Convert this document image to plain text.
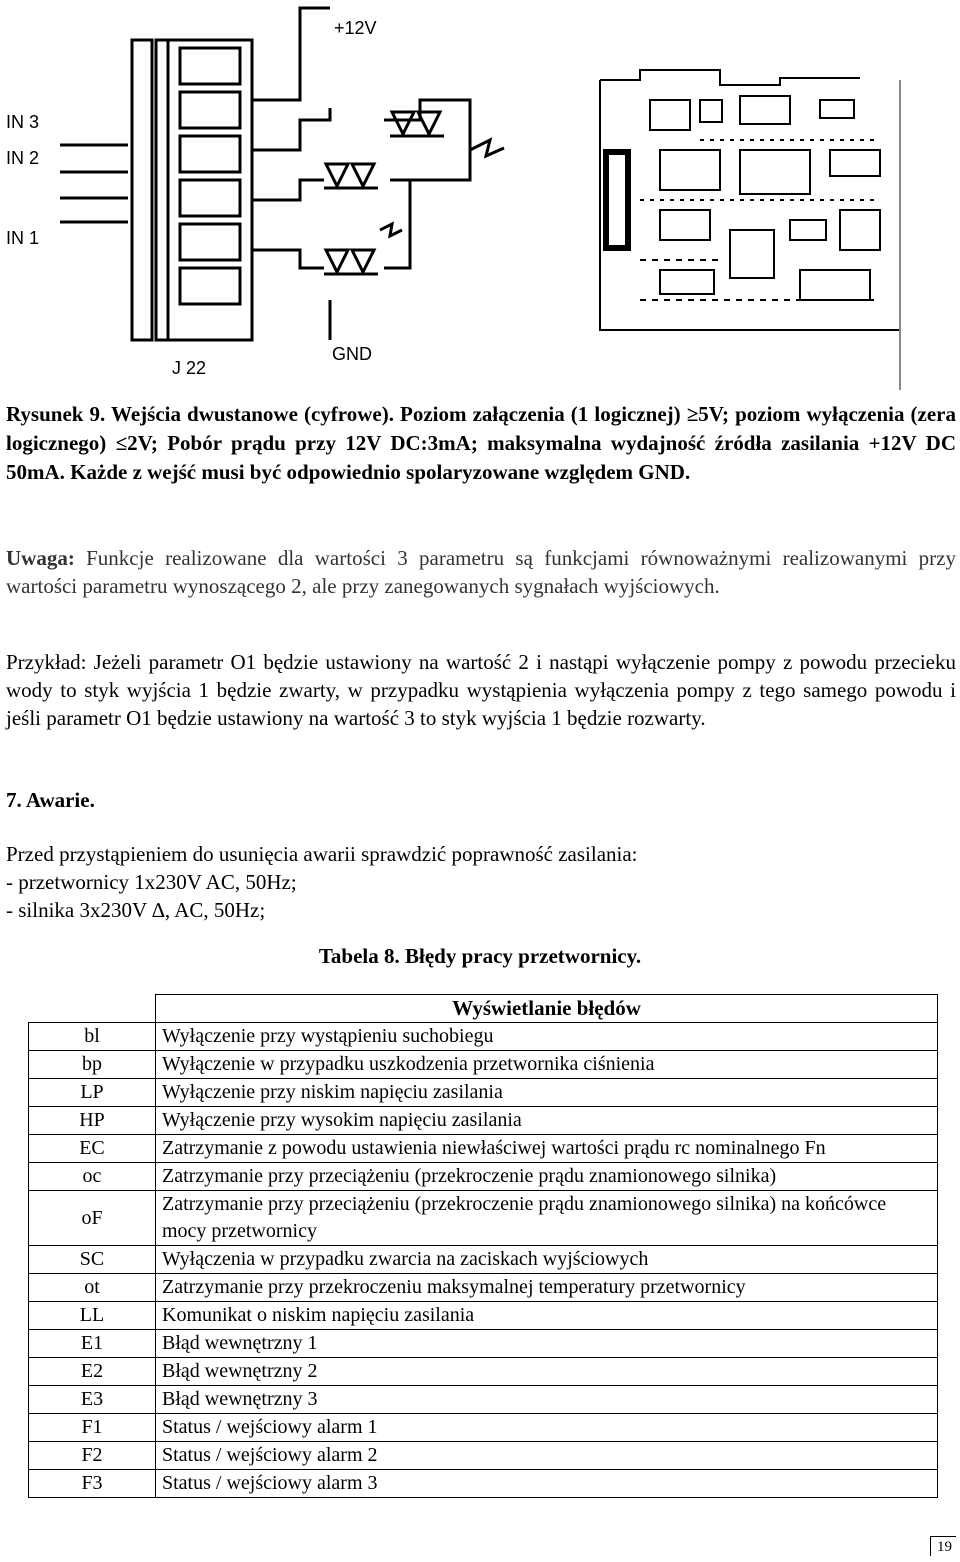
+12V
IN 3
IN 2
IN 1
J 22
GND
Rysunek 9. Wejścia dwustanowe (cyfrowe). Poziom załączenia (1 logicznej) ≥5V; poziom wyłączenia (zera logicznego) ≤2V; Pobór prądu przy 12V DC:3mA; maksymalna wydajność źródła zasilania +12V DC 50mA. Każde z wejść musi być odpowiednio spolaryzowane względem GND.
Uwaga: Funkcje realizowane dla wartości 3 parametru są funkcjami równoważnymi realizowanymi przy wartości parametru wynoszącego 2, ale przy zanegowanych sygnałach wyjściowych.
Przykład: Jeżeli parametr O1 będzie ustawiony na wartość 2 i nastąpi wyłączenie pompy z powodu przecieku wody to styk wyjścia 1 będzie zwarty, w przypadku wystąpienia wyłączenia pompy z tego samego powodu i jeśli parametr O1 będzie ustawiony na wartość 3 to styk wyjścia 1 będzie rozwarty.
7. Awarie.
Przed przystąpieniem do usunięcia awarii sprawdzić poprawność zasilania:
- przetwornicy 1x230V AC, 50Hz;
- silnika 3x230V ∆, AC, 50Hz;
Tabela 8. Błędy pracy przetwornicy.
	Wyświetlanie błędów
bl	Wyłączenie przy wystąpieniu suchobiegu
bp	Wyłączenie w przypadku uszkodzenia przetwornika ciśnienia
LP	Wyłączenie przy niskim napięciu zasilania
HP	Wyłączenie przy wysokim napięciu zasilania
EC	Zatrzymanie z powodu ustawienia niewłaściwej wartości prądu rc nominalnego Fn
oc	Zatrzymanie przy przeciążeniu (przekroczenie prądu znamionowego silnika)
oF	Zatrzymanie przy przeciążeniu (przekroczenie prądu znamionowego silnika) na końcówce mocy przetwornicy
SC	Wyłączenia w przypadku zwarcia na zaciskach wyjściowych
ot	Zatrzymanie przy przekroczeniu maksymalnej temperatury przetwornicy
LL	Komunikat o niskim napięciu zasilania
E1	Błąd wewnętrzny 1
E2	Błąd wewnętrzny 2
E3	Błąd wewnętrzny 3
F1	Status / wejściowy alarm 1
F2	Status / wejściowy alarm 2
F3	Status / wejściowy alarm 3
19
